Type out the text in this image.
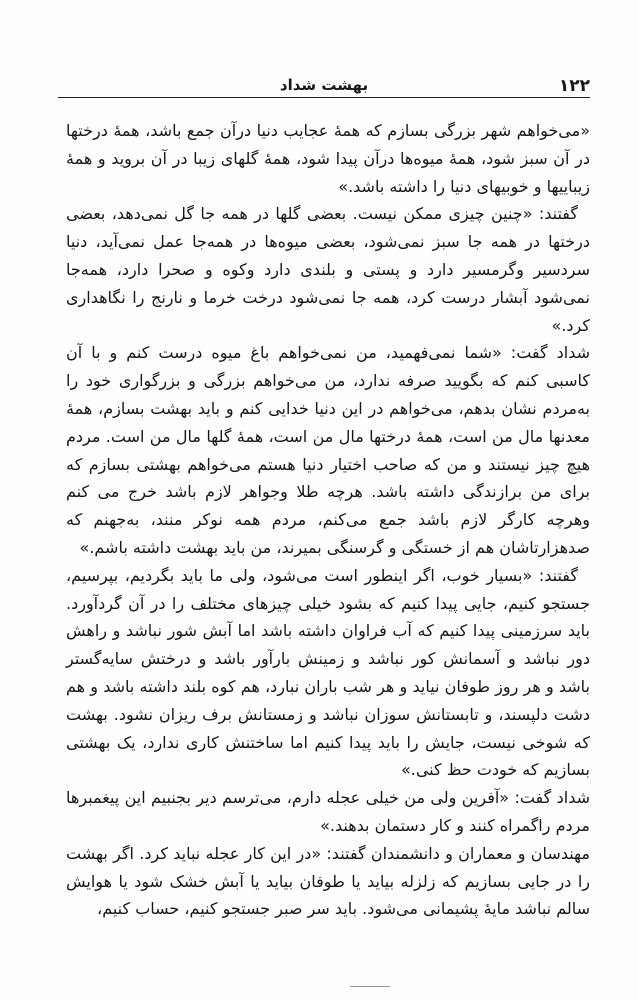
۱۲۲
بهشت شداد

«می‌خواهم شهر بزرگی بسازم که همهٔ عجایب دنیا درآن جمع باشد، همهٔ درختها در آن سبز شود، همهٔ میوه‌ها درآن پیدا شود، همهٔ گلهای زیبا در آن بروید و همهٔ زیباییها و خوبیهای دنیا را داشته باشد.»

گفتند: «چنین چیزی ممکن نیست. بعضی گلها در همه جا گل نمی‌دهد، بعضی درختها در همه جا سبز نمی‌شود، بعضی میوه‌ها در همه‌جا عمل نمی‌آید، دنیا سردسیر وگرمسیر دارد و پستی و بلندی دارد وکوه و صحرا دارد، همه‌جا نمی‌شود آبشار درست کرد، همه جا نمی‌شود درخت خرما و نارنج را نگاهداری کرد.»

شداد گفت: «شما نمی‌فهمید، من نمی‌خواهم باغ میوه درست کنم و با آن کاسبی کنم که بگویید صرفه ندارد، من می‌خواهم بزرگی و بزرگواری خود را به‌مردم نشان بدهم، می‌خواهم در این دنیا خدایی کنم و باید بهشت بسازم، همهٔ معدنها مال من است، همهٔ درختها مال من است، همهٔ گلها مال من است. مردم هیچ چیز نیستند و من که صاحب اختیار دنیا هستم می‌خواهم بهشتی بسازم که برای من برازندگی داشته باشد. هرچه طلا وجواهر لازم باشد خرج می کنم وهرچه کارگر لازم باشد جمع می‌کنم، مردم همه نوکر منند، به‌جهنم که صدهزارتاشان هم از خستگی و گرسنگی بمیرند، من باید بهشت داشته باشم.»

گفتند: «بسیار خوب، اگر اینطور است می‌شود، ولی ما باید بگردیم، بپرسیم، جستجو کنیم، جایی پیدا کنیم که بشود خیلی چیزهای مختلف را در آن گردآورد. باید سرزمینی پیدا کنیم که آب فراوان داشته باشد اما آبش شور نباشد و راهش دور نباشد و آسمانش کور نباشد و زمینش بارآور باشد و درختش سایه‌گستر باشد و هر روز طوفان نیاید و هر شب باران نبارد، هم کوه بلند داشته باشد و هم دشت دلپسند، و تابستانش سوزان نباشد و زمستانش برف ریزان نشود. بهشت که شوخی نیست، جایش را باید پیدا کنیم اما ساختنش کاری ندارد، یک بهشتی بسازیم که خودت حظ کنی.»

شداد گفت: «آفرین ولی من خیلی عجله دارم، می‌ترسم دیر بجنبیم این پیغمبرها مردم راگمراه کنند و کار دستمان بدهند.»

مهندسان و معماران و دانشمندان گفتند: «در این کار عجله نباید کرد. اگر بهشت را در جایی بسازیم که زلزله بیاید یا طوفان بیاید یا آبش خشک شود یا هوایش سالم نباشد مایهٔ پشیمانی می‌شود. باید سر صبر جستجو کنیم، حساب کنیم،
